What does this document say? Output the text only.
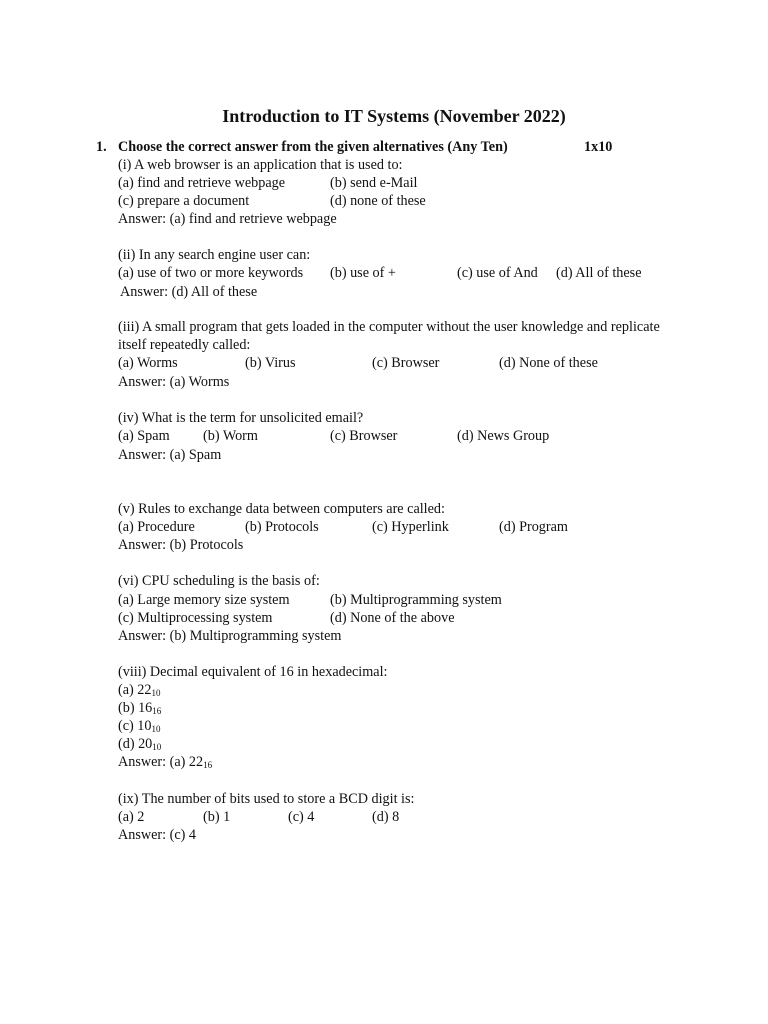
Introduction to IT Systems (November 2022)
1. Choose the correct answer from the given alternatives (Any Ten)	1x10
(i) A web browser is an application that is used to:
(a) find and retrieve webpage	(b) send e-Mail
(c) prepare a document	(d) none of these
Answer: (a) find and retrieve webpage
(ii) In any search engine user can:
(a) use of two or more keywords (b) use of +	(c) use of And (d) All of these
Answer: (d) All of these
(iii) A small program that gets loaded in the computer without the user knowledge and replicate
itself repeatedly called:
(a) Worms	(b) Virus	(c) Browser	(d) None of these
Answer: (a) Worms
(iv) What is the term for unsolicited email?
(a) Spam (b) Worm	(c) Browser	(d) News Group
Answer: (a) Spam
(v) Rules to exchange data between computers are called:
(a) Procedure	(b) Protocols	(c) Hyperlink	(d) Program
Answer: (b) Protocols
(vi) CPU scheduling is the basis of:
(a) Large memory size system	(b) Multiprogramming system
(c) Multiprocessing system	(d) None of the above
Answer: (b) Multiprogramming system
(viii) Decimal equivalent of 16 in hexadecimal:
(a) $22_{10}$
(b) $16_{16}$
(c) $10_{10}$
(d) $20_{10}$
Answer: (a) $22_{16}$
(ix) The number of bits used to store a BCD digit is:
(a) 2	(b) 1	(c) 4	(d) 8
Answer: (c) 4
